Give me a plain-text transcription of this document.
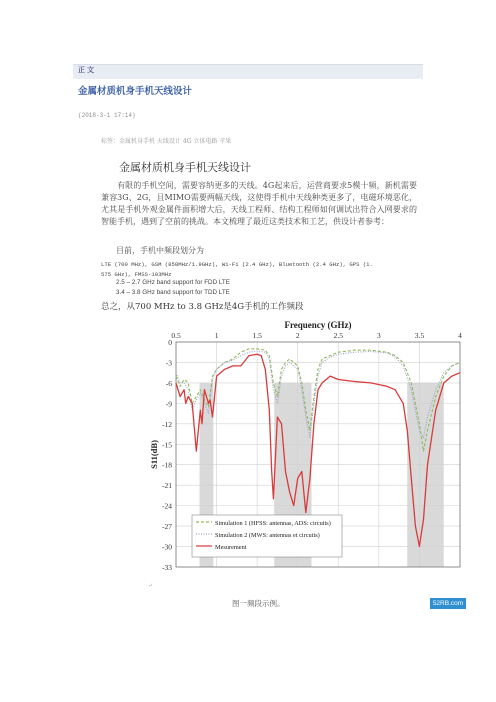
正文
金属材质机身手机天线设计
(2018-3-1 17:14)
标签：金属机身手机 天线设计 4G 立体电路 苹果
金属材质机身手机天线设计
有限的手机空间，需要容纳更多的天线。4G起来后，运营商要求5模十频，新机需要兼容3G、2G，且MIMO需要两幅天线，这使得手机中天线种类更多了，电磁环境恶化，尤其是手机外观金属件面积增大后，天线工程师、结构工程师如何调试出符合入网要求的智能手机，遇到了空前的挑战。本文梳理了最近这类技术和工艺，供设计者参考：
目前，手机中频段划分为
LTE (700 MHz), GSM (850MHz/1.9GHz), Wi-Fi (2.4 GHz), Bluetooth (2.4 GHz), GPS (1.
575 GHz), FMSS-103MHz
2.5 – 2.7 GHz band support for FDD LTE
总之，从700 MHz to 3.8 GHz是4G手机的工作频段
0
-3
-6
-9
-12
-15
-18
-21
-24
-27
-30
-33
0.5	1	1.5	2	2.5	3	3.5	4
Frequency (GHz)
S11(dB)
Simulation 1 (HFSS: antennas, ADS: circuits)
Simulation 2 (MWS: antennas et circuits)
Mesurement
↵
图一频段示例。	52RB.com
3.4 – 3.8 GHz band support for TDD LTE
